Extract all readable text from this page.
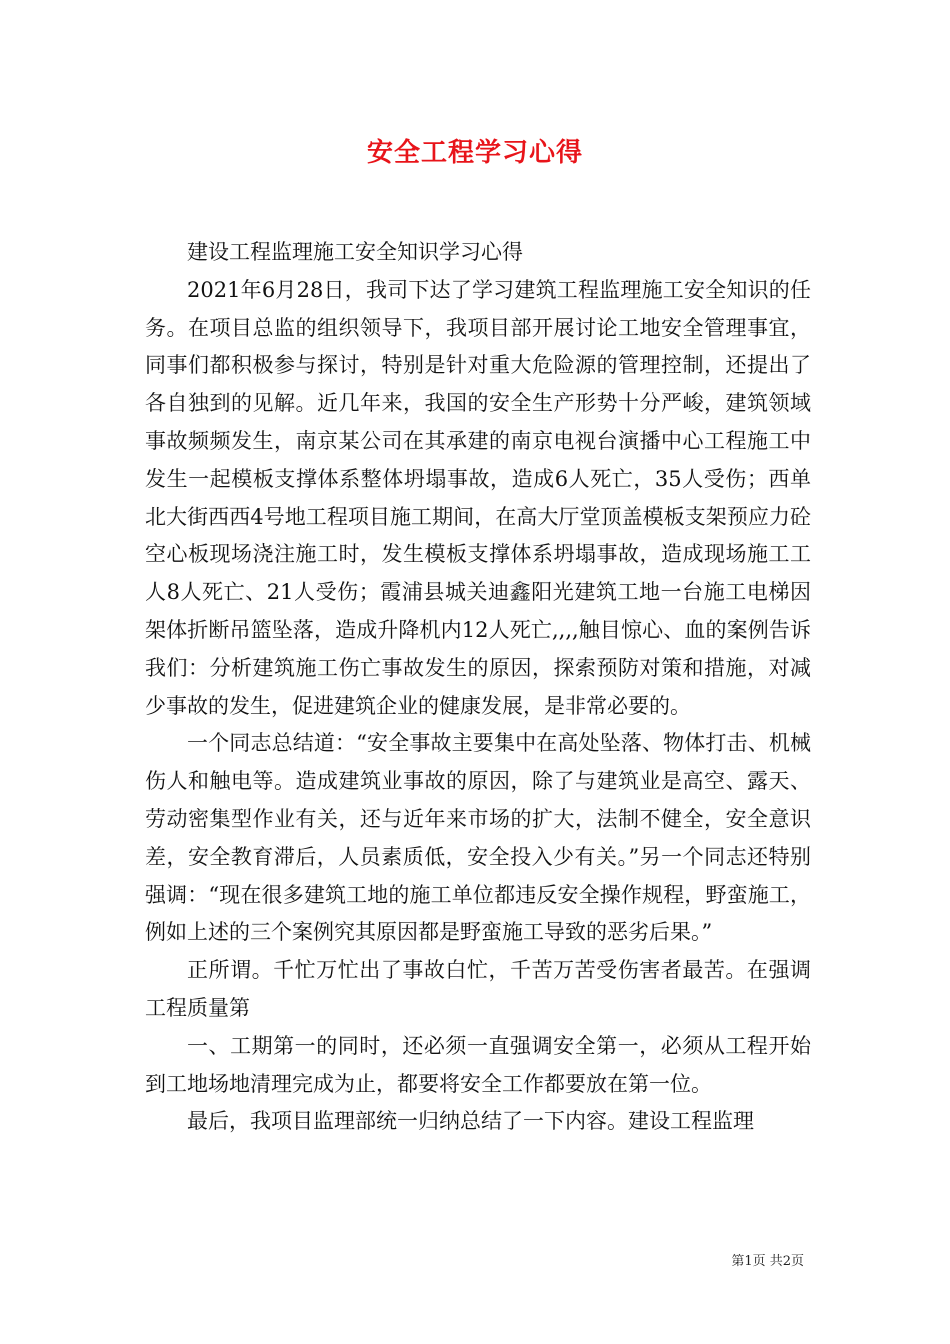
安全工程学习心得

建设工程监理施工安全知识学习心得

2021年6月28日，我司下达了学习建筑工程监理施工安全知识的任务。在项目总监的组织领导下，我项目部开展讨论工地安全管理事宜，同事们都积极参与探讨，特别是针对重大危险源的管理控制，还提出了各自独到的见解。近几年来，我国的安全生产形势十分严峻，建筑领域事故频频发生，南京某公司在其承建的南京电视台演播中心工程施工中发生一起模板支撑体系整体坍塌事故，造成6人死亡，35人受伤；西单北大街西西4号地工程项目施工期间，在高大厅堂顶盖模板支架预应力砼空心板现场浇注施工时，发生模板支撑体系坍塌事故，造成现场施工工人8人死亡、21人受伤；霞浦县城关迪鑫阳光建筑工地一台施工电梯因架体折断吊篮坠落，造成升降机内12人死亡,,,,触目惊心、血的案例告诉我们：分析建筑施工伤亡事故发生的原因，探索预防对策和措施，对减少事故的发生，促进建筑企业的健康发展，是非常必要的。

一个同志总结道：“安全事故主要集中在高处坠落、物体打击、机械伤人和触电等。造成建筑业事故的原因，除了与建筑业是高空、露天、劳动密集型作业有关，还与近年来市场的扩大，法制不健全，安全意识差，安全教育滞后，人员素质低，安全投入少有关。”另一个同志还特别强调：“现在很多建筑工地的施工单位都违反安全操作规程，野蛮施工，例如上述的三个案例究其原因都是野蛮施工导致的恶劣后果。”

正所谓。千忙万忙出了事故白忙，千苦万苦受伤害者最苦。在强调工程质量第

一、工期第一的同时，还必须一直强调安全第一，必须从工程开始到工地场地清理完成为止，都要将安全工作都要放在第一位。

最后，我项目监理部统一归纳总结了一下内容。建设工程监理

第1页 共2页
